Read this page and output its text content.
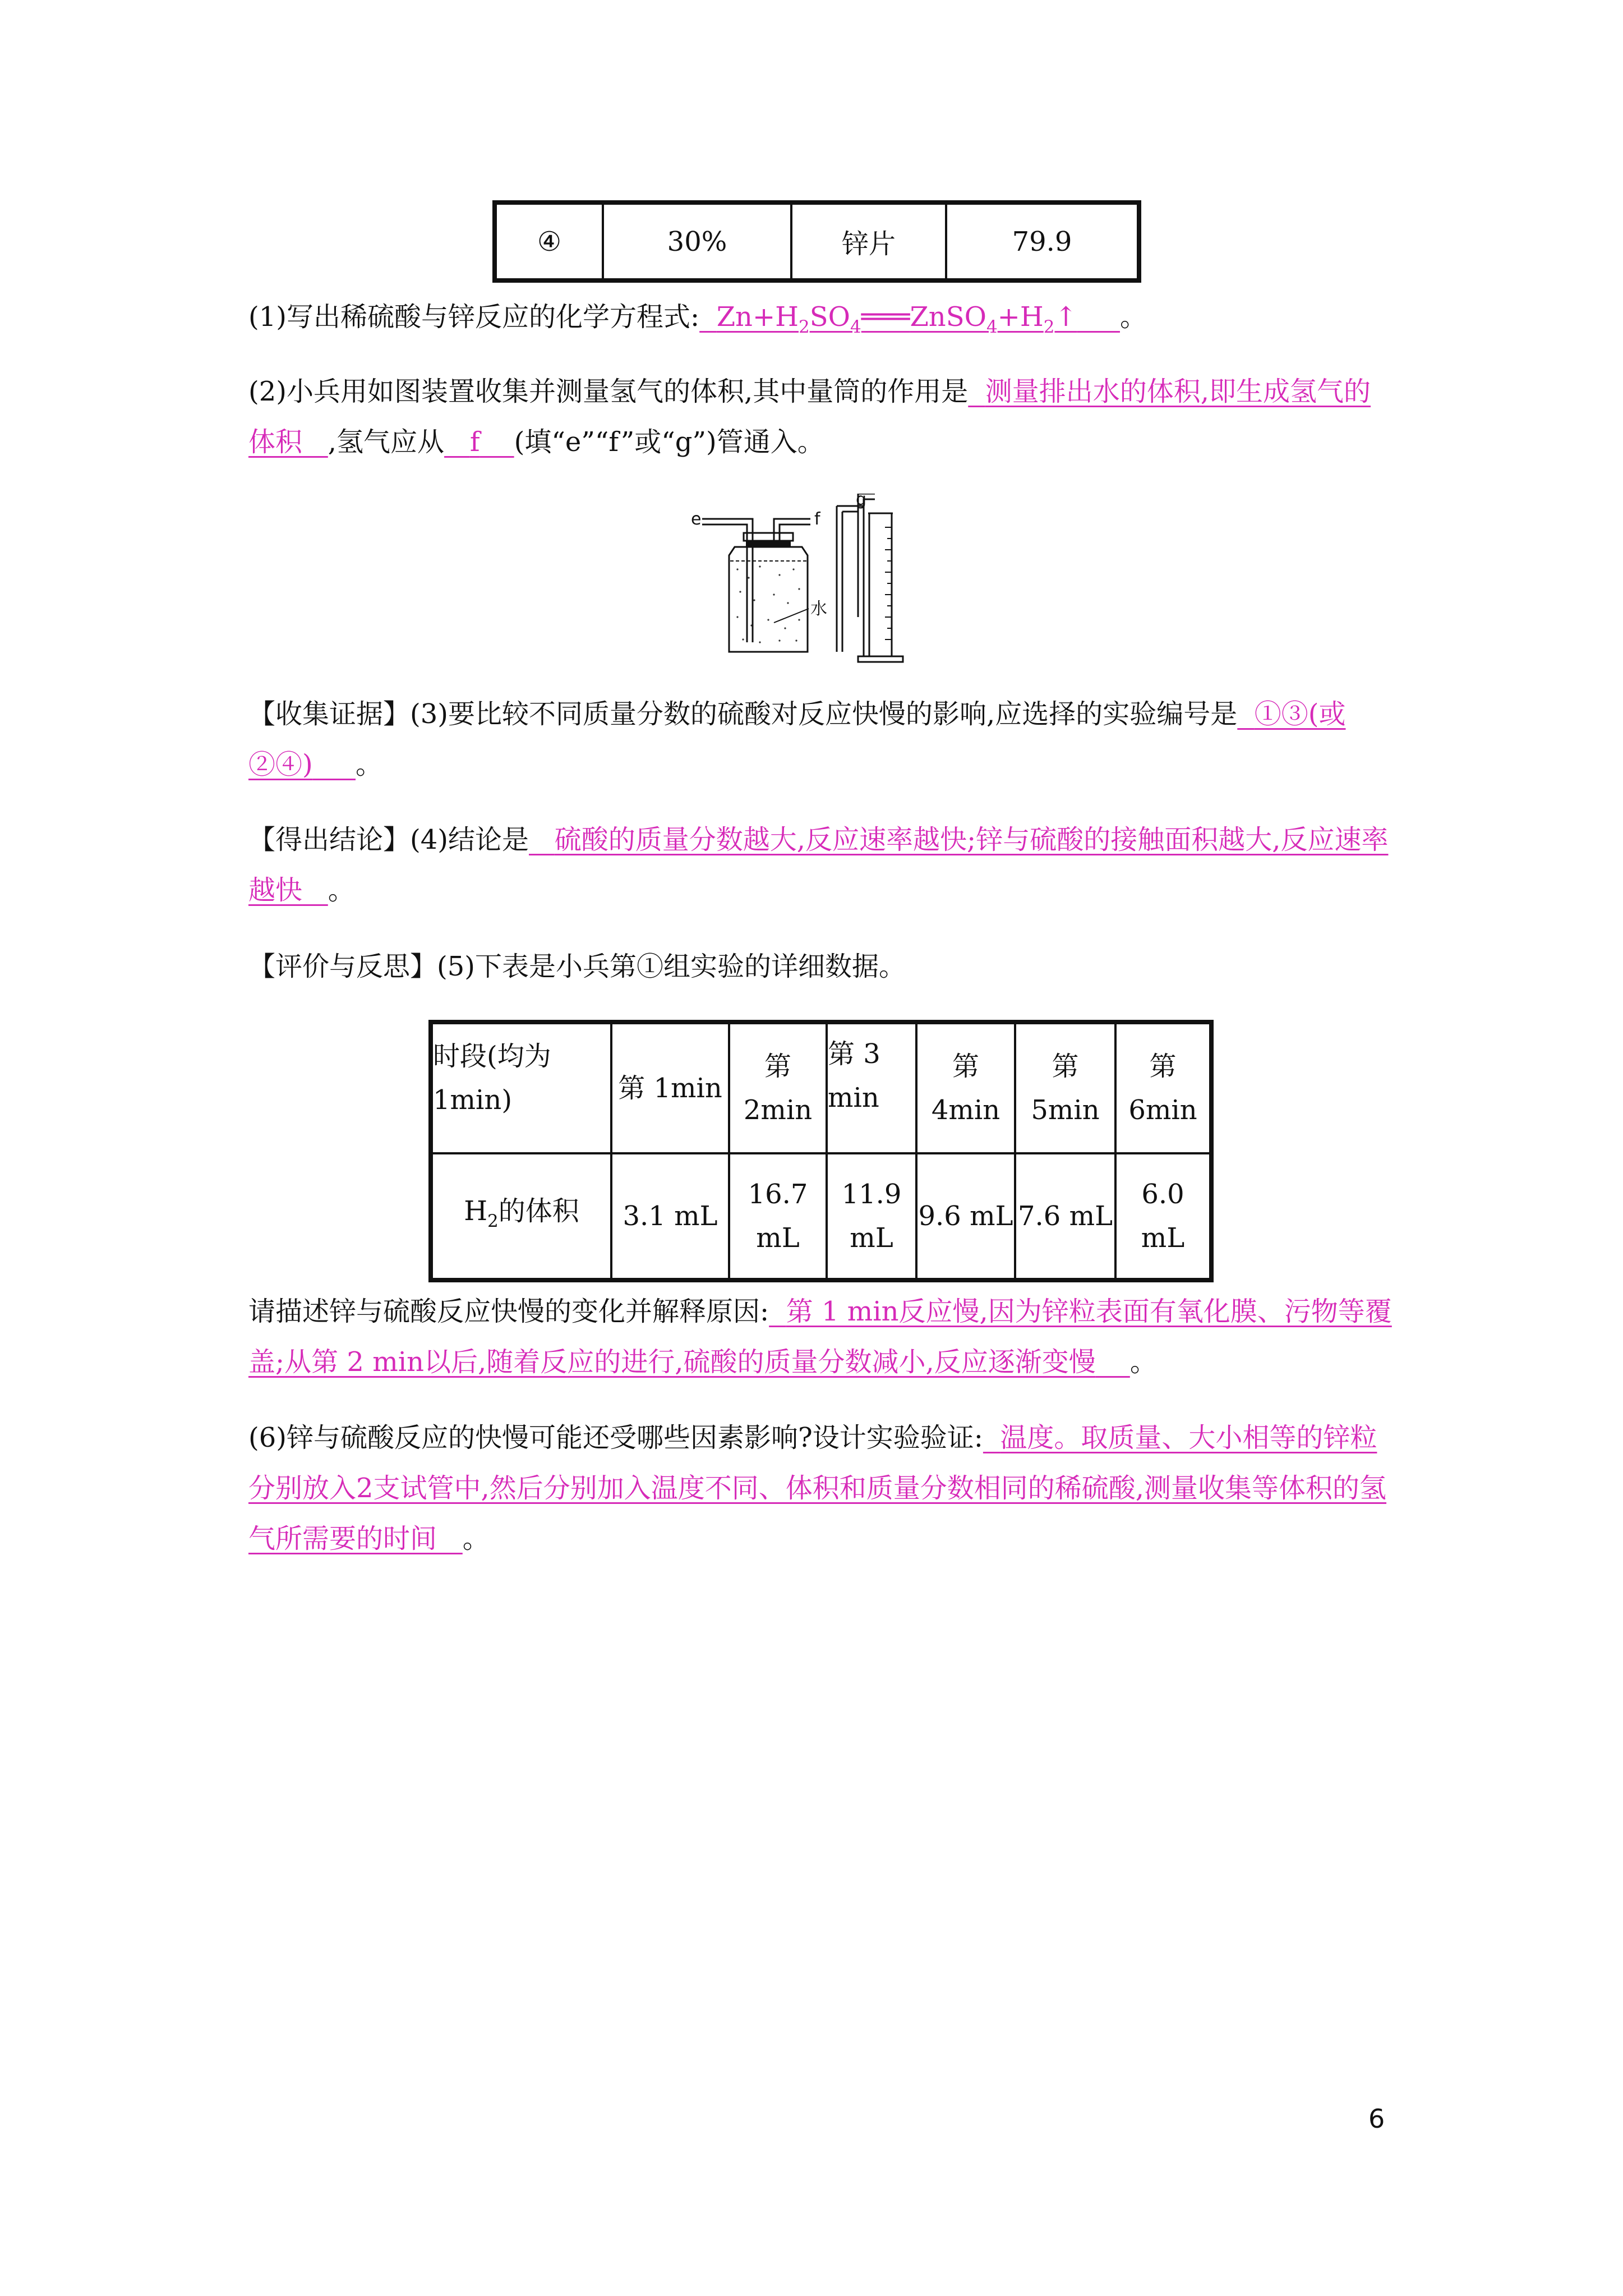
④	30%	锌片	79.9

(1)写出稀硫酸与锌反应的化学方程式: $Zn+H_2SO_4═══ZnSO_4+H_2↑$ 。

(2)小兵用如图装置收集并测量氢气的体积,其中量筒的作用是 测量排出水的体积,即生成氢气的体积 ,氢气应从 f (填“e”“f”或“g”)管通入。

e	f
水
g

【收集证据】(3)要比较不同质量分数的硫酸对反应快慢的影响,应选择的实验编号是 ①③(或②④) 。

【得出结论】(4)结论是 硫酸的质量分数越大,反应速率越快;锌与硫酸的接触面积越大,反应速率越快 。

【评价与反思】(5)下表是小兵第①组实验的详细数据。

时段(均为1min)	第 1min	第 2min	第 3 min	第 4min	第 5min	第 6min
$H_2$的体积	3.1 mL	16.7 mL	11.9 mL	9.6 mL	7.6 mL	6.0 mL

请描述锌与硫酸反应快慢的变化并解释原因: 第 1 min反应慢,因为锌粒表面有氧化膜、污物等覆盖;从第 2 min以后,随着反应的进行,硫酸的质量分数减小,反应逐渐变慢 。

(6)锌与硫酸反应的快慢可能还受哪些因素影响?设计实验验证: 温度。取质量、大小相等的锌粒分别放入2支试管中,然后分别加入温度不同、体积和质量分数相同的稀硫酸,测量收集等体积的氢气所需要的时间 。

6
